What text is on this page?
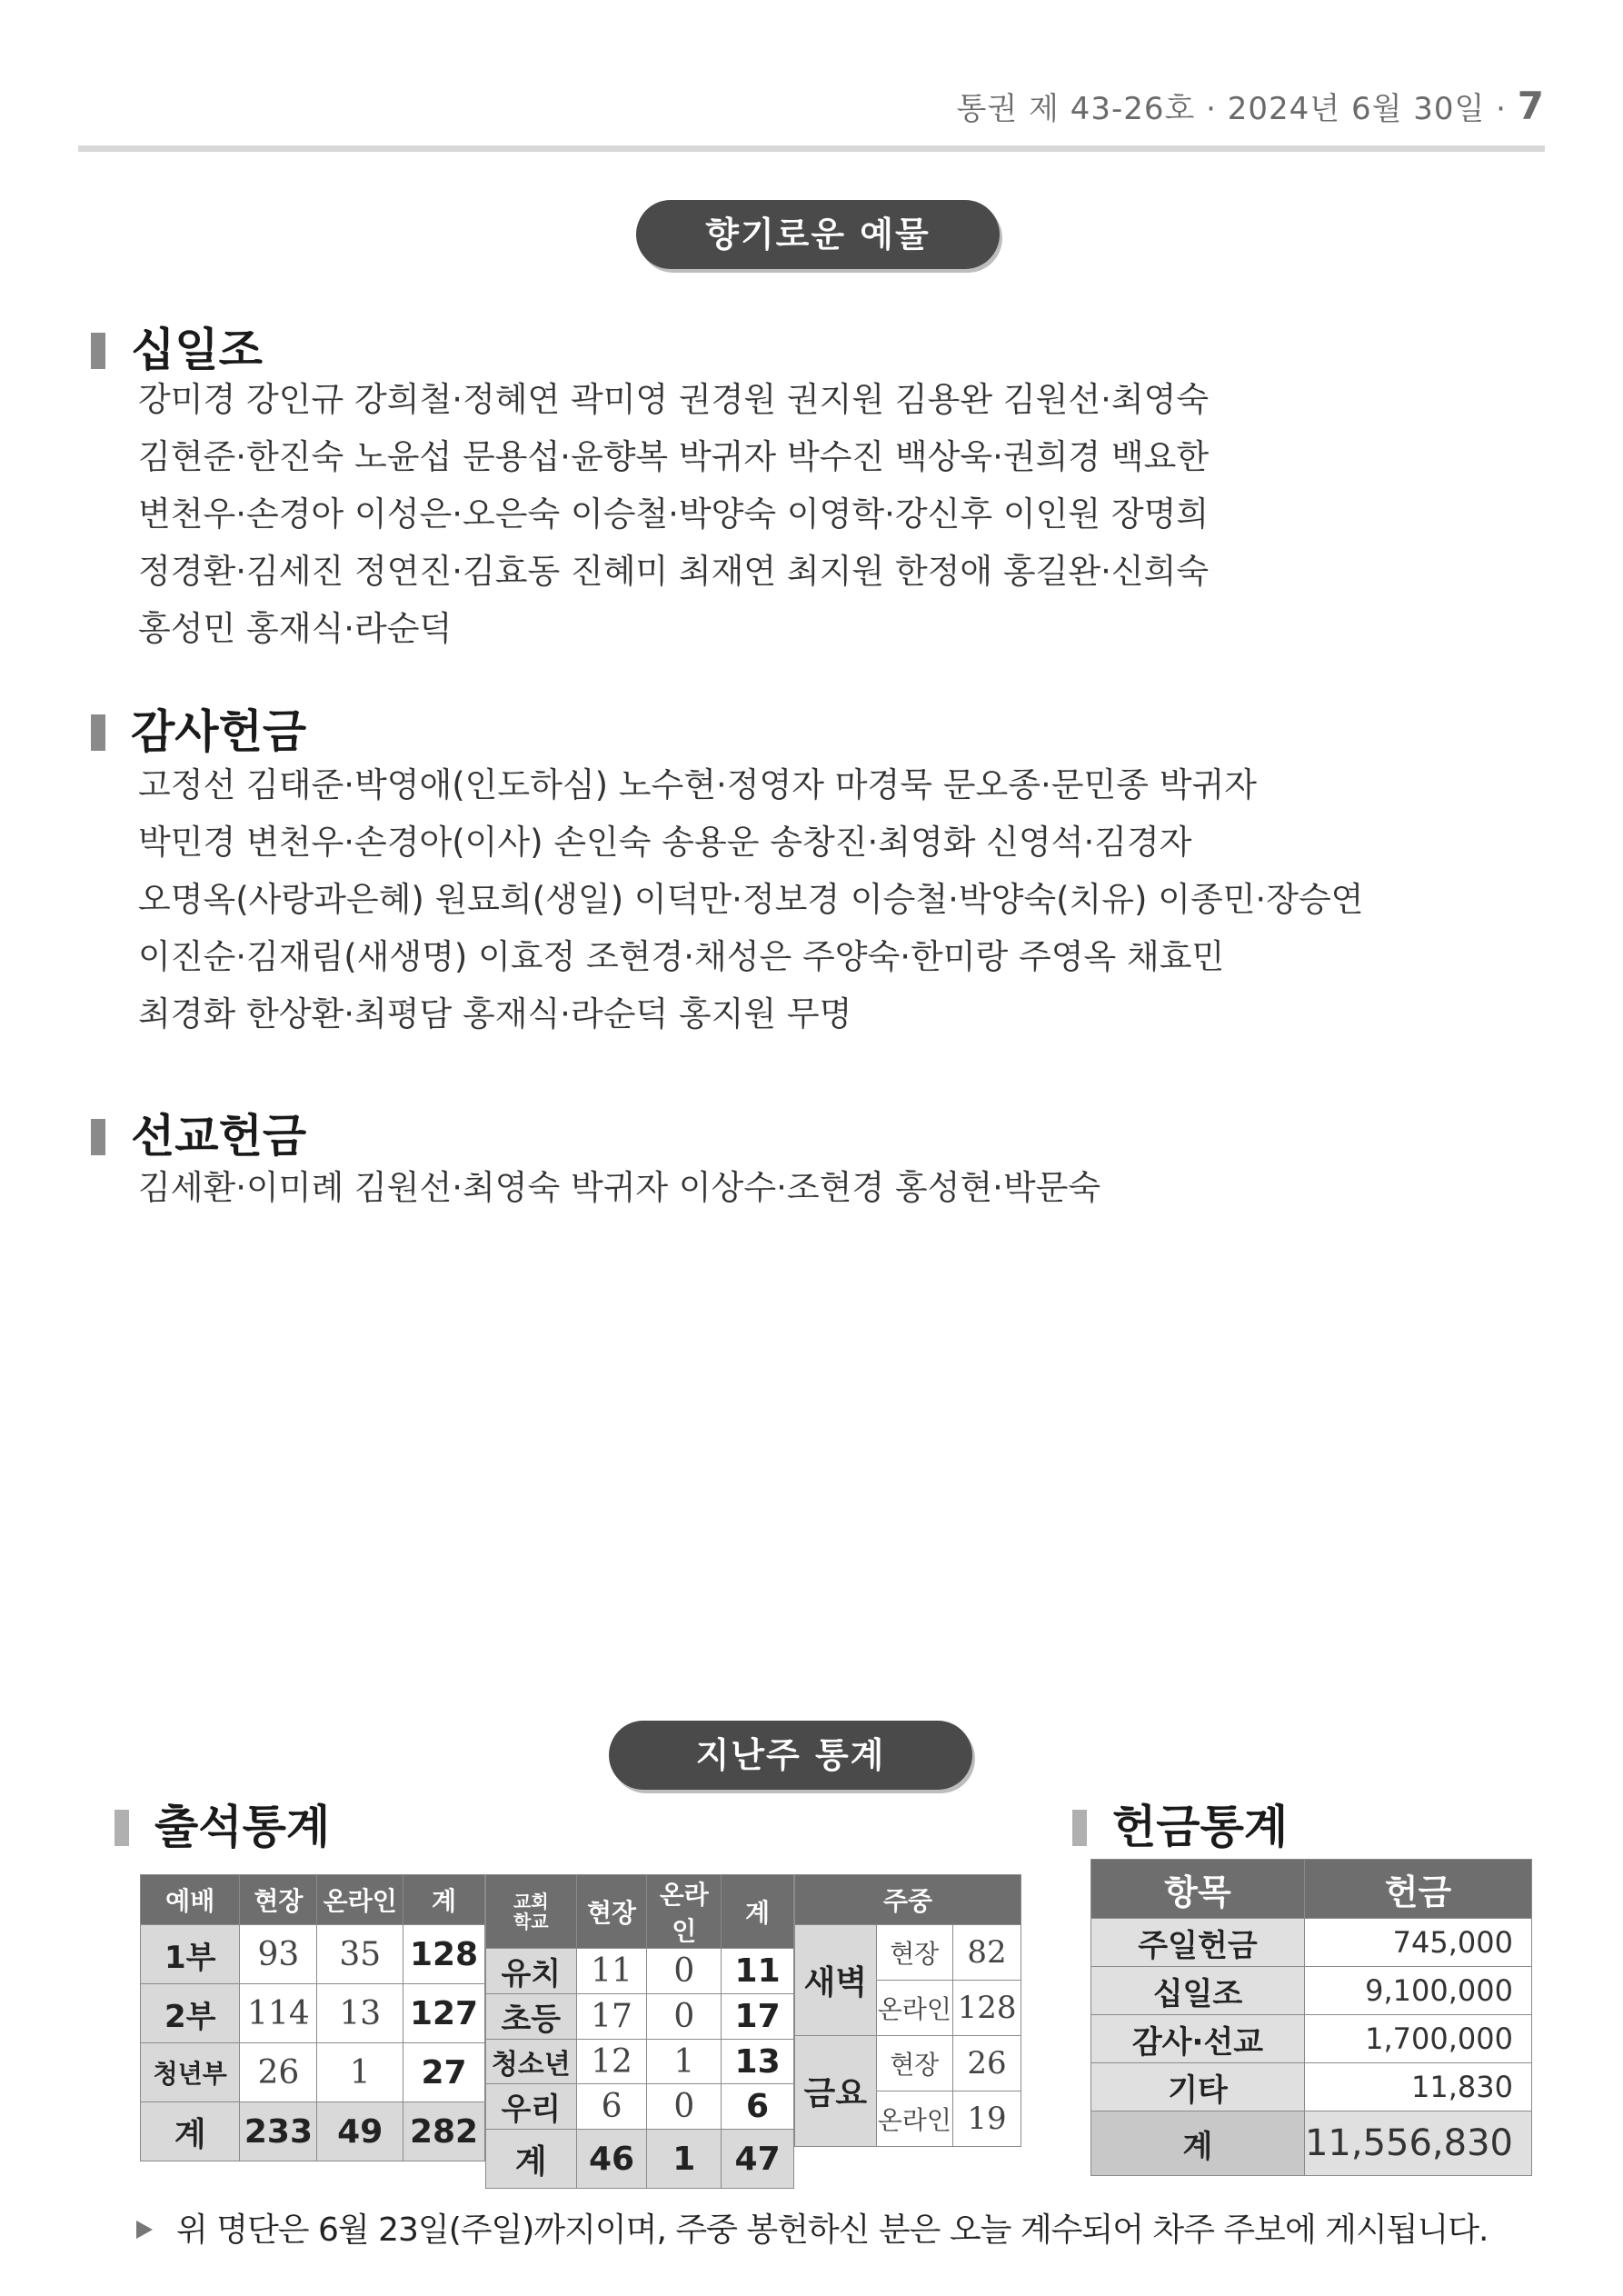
통권 제 43-26호 · 2024년 6월 30일 · 7
향기로운 예물
십일조
강미경 강인규 강희철·정혜연 곽미영 권경원 권지원 김용완 김원선·최영숙
김현준·한진숙 노윤섭 문용섭·윤향복 박귀자 박수진 백상욱·권희경 백요한
변천우·손경아 이성은·오은숙 이승철·박양숙 이영학·강신후 이인원 장명희
정경환·김세진 정연진·김효동 진혜미 최재연 최지원 한정애 홍길완·신희숙
홍성민 홍재식·라순덕
감사헌금
고정선 김태준·박영애(인도하심) 노수현·정영자 마경묵 문오종·문민종 박귀자
박민경 변천우·손경아(이사) 손인숙 송용운 송창진·최영화 신영석·김경자
오명옥(사랑과은혜) 원묘희(생일) 이덕만·정보경 이승철·박양숙(치유) 이종민·장승연
이진순·김재림(새생명) 이효정 조현경·채성은 주양숙·한미랑 주영옥 채효민
최경화 한상환·최평담 홍재식·라순덕 홍지원 무명
선교헌금
김세환·이미례 김원선·최영숙 박귀자 이상수·조현경 홍성현·박문숙
지난주 통계
출석통계
예배	현장	온라인	계
1부	93	35	128
2부	114	13	127
청년부	26	1	27
계	233	49	282
교회
학교	현장	온라인	계
유치	11	0	11
초등	17	0	17
청소년	12	1	13
우리	6	0	6
계	46	1	47
주중		
새벽	현장	82
	온라인	128
금요	현장	26
	온라인	19
헌금통계
항목	헌금
주일헌금	745,000
십일조	9,100,000
감사·선교	1,700,000
기타	11,830
계	11,556,830
위 명단은 6월 23일(주일)까지이며, 주중 봉헌하신 분은 오늘 계수되어 차주 주보에 게시됩니다.
